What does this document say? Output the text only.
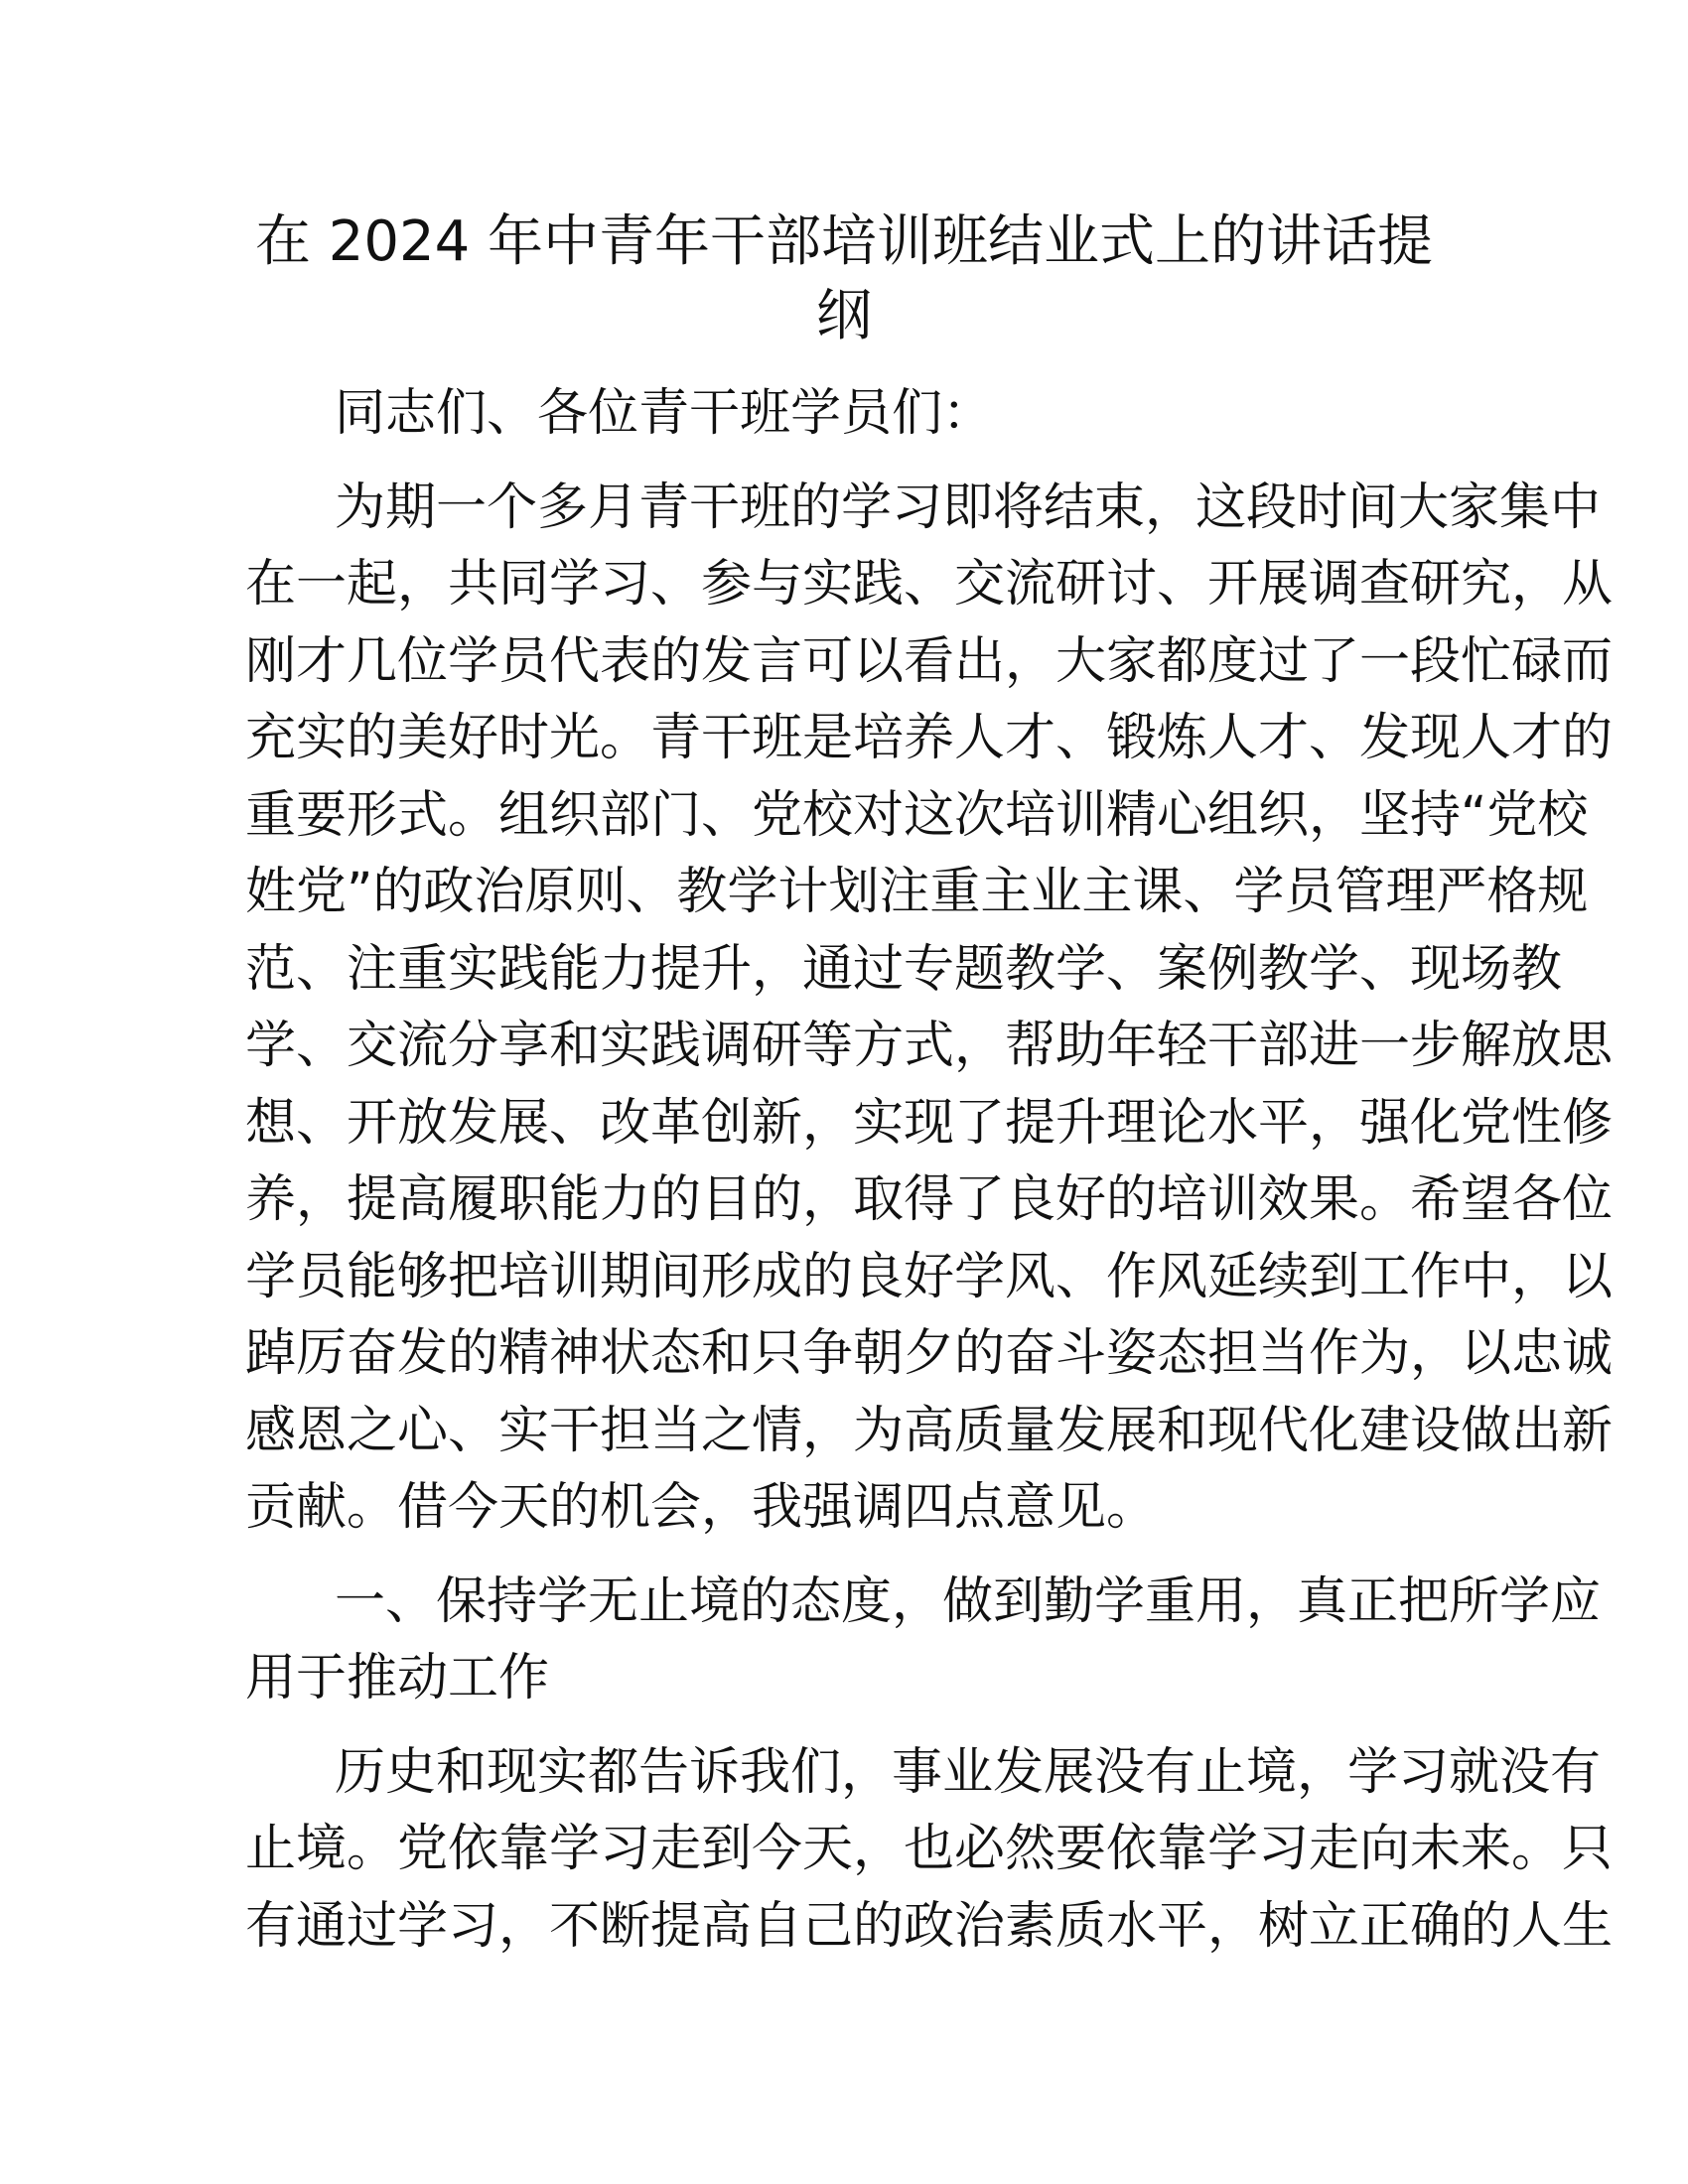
在 2024 年中青年干部培训班结业式上的讲话提
纲
同志们、各位青干班学员们：
为期一个多月青干班的学习即将结束，这段时间大家集中
在一起，共同学习、参与实践、交流研讨、开展调查研究，从
刚才几位学员代表的发言可以看出，大家都度过了一段忙碌而
充实的美好时光。青干班是培养人才、锻炼人才、发现人才的
重要形式。组织部门、党校对这次培训精心组织，坚持“党校
姓党”的政治原则、教学计划注重主业主课、学员管理严格规
范、注重实践能力提升，通过专题教学、案例教学、现场教
学、交流分享和实践调研等方式，帮助年轻干部进一步解放思
想、开放发展、改革创新，实现了提升理论水平，强化党性修
养，提高履职能力的目的，取得了良好的培训效果。希望各位
学员能够把培训期间形成的良好学风、作风延续到工作中，以
踔厉奋发的精神状态和只争朝夕的奋斗姿态担当作为，以忠诚
感恩之心、实干担当之情，为高质量发展和现代化建设做出新
贡献。借今天的机会，我强调四点意见。
一、保持学无止境的态度，做到勤学重用，真正把所学应
用于推动工作
历史和现实都告诉我们，事业发展没有止境，学习就没有
止境。党依靠学习走到今天，也必然要依靠学习走向未来。只
有通过学习，不断提高自己的政治素质水平，树立正确的人生
